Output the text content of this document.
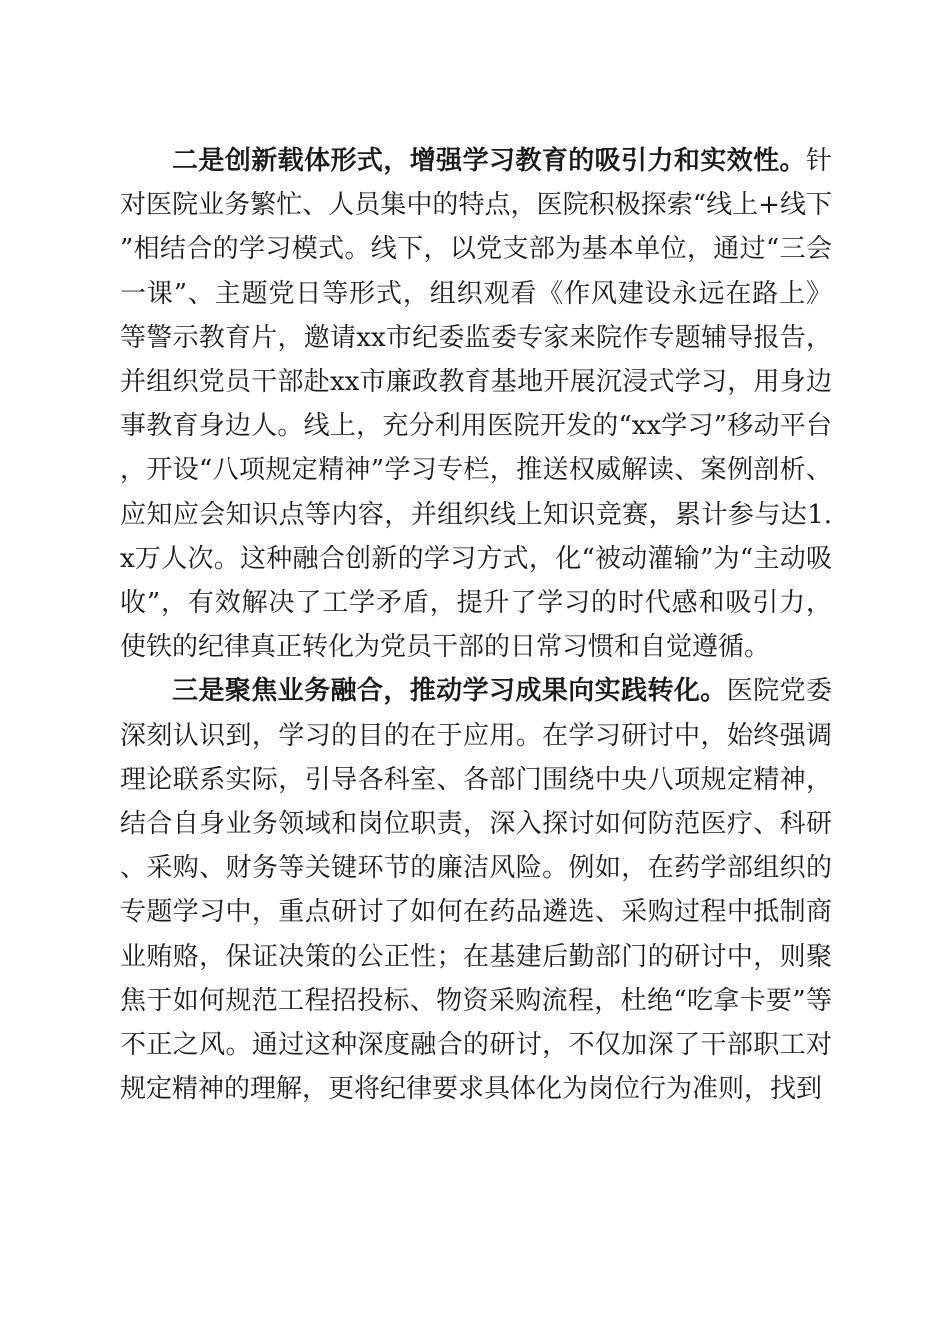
二是创新载体形式，增强学习教育的吸引力和实效性。针对医院业务繁忙、人员集中的特点，医院积极探索“线上+线下”相结合的学习模式。线下，以党支部为基本单位，通过“三会一课”、主题党日等形式，组织观看《作风建设永远在路上》等警示教育片，邀请xx市纪委监委专家来院作专题辅导报告，并组织党员干部赴xx市廉政教育基地开展沉浸式学习，用身边事教育身边人。线上，充分利用医院开发的“xx学习”移动平台，开设“八项规定精神”学习专栏，推送权威解读、案例剖析、应知应会知识点等内容，并组织线上知识竞赛，累计参与达1.x万人次。这种融合创新的学习方式，化“被动灌输”为“主动吸收”，有效解决了工学矛盾，提升了学习的时代感和吸引力，使铁的纪律真正转化为党员干部的日常习惯和自觉遵循。

三是聚焦业务融合，推动学习成果向实践转化。医院党委深刻认识到，学习的目的在于应用。在学习研讨中，始终强调理论联系实际，引导各科室、各部门围绕中央八项规定精神，结合自身业务领域和岗位职责，深入探讨如何防范医疗、科研、采购、财务等关键环节的廉洁风险。例如，在药学部组织的专题学习中，重点研讨了如何在药品遴选、采购过程中抵制商业贿赂，保证决策的公正性；在基建后勤部门的研讨中，则聚焦于如何规范工程招投标、物资采购流程，杜绝“吃拿卡要”等不正之风。通过这种深度融合的研讨，不仅加深了干部职工对规定精神的理解，更将纪律要求具体化为岗位行为准则，找到
